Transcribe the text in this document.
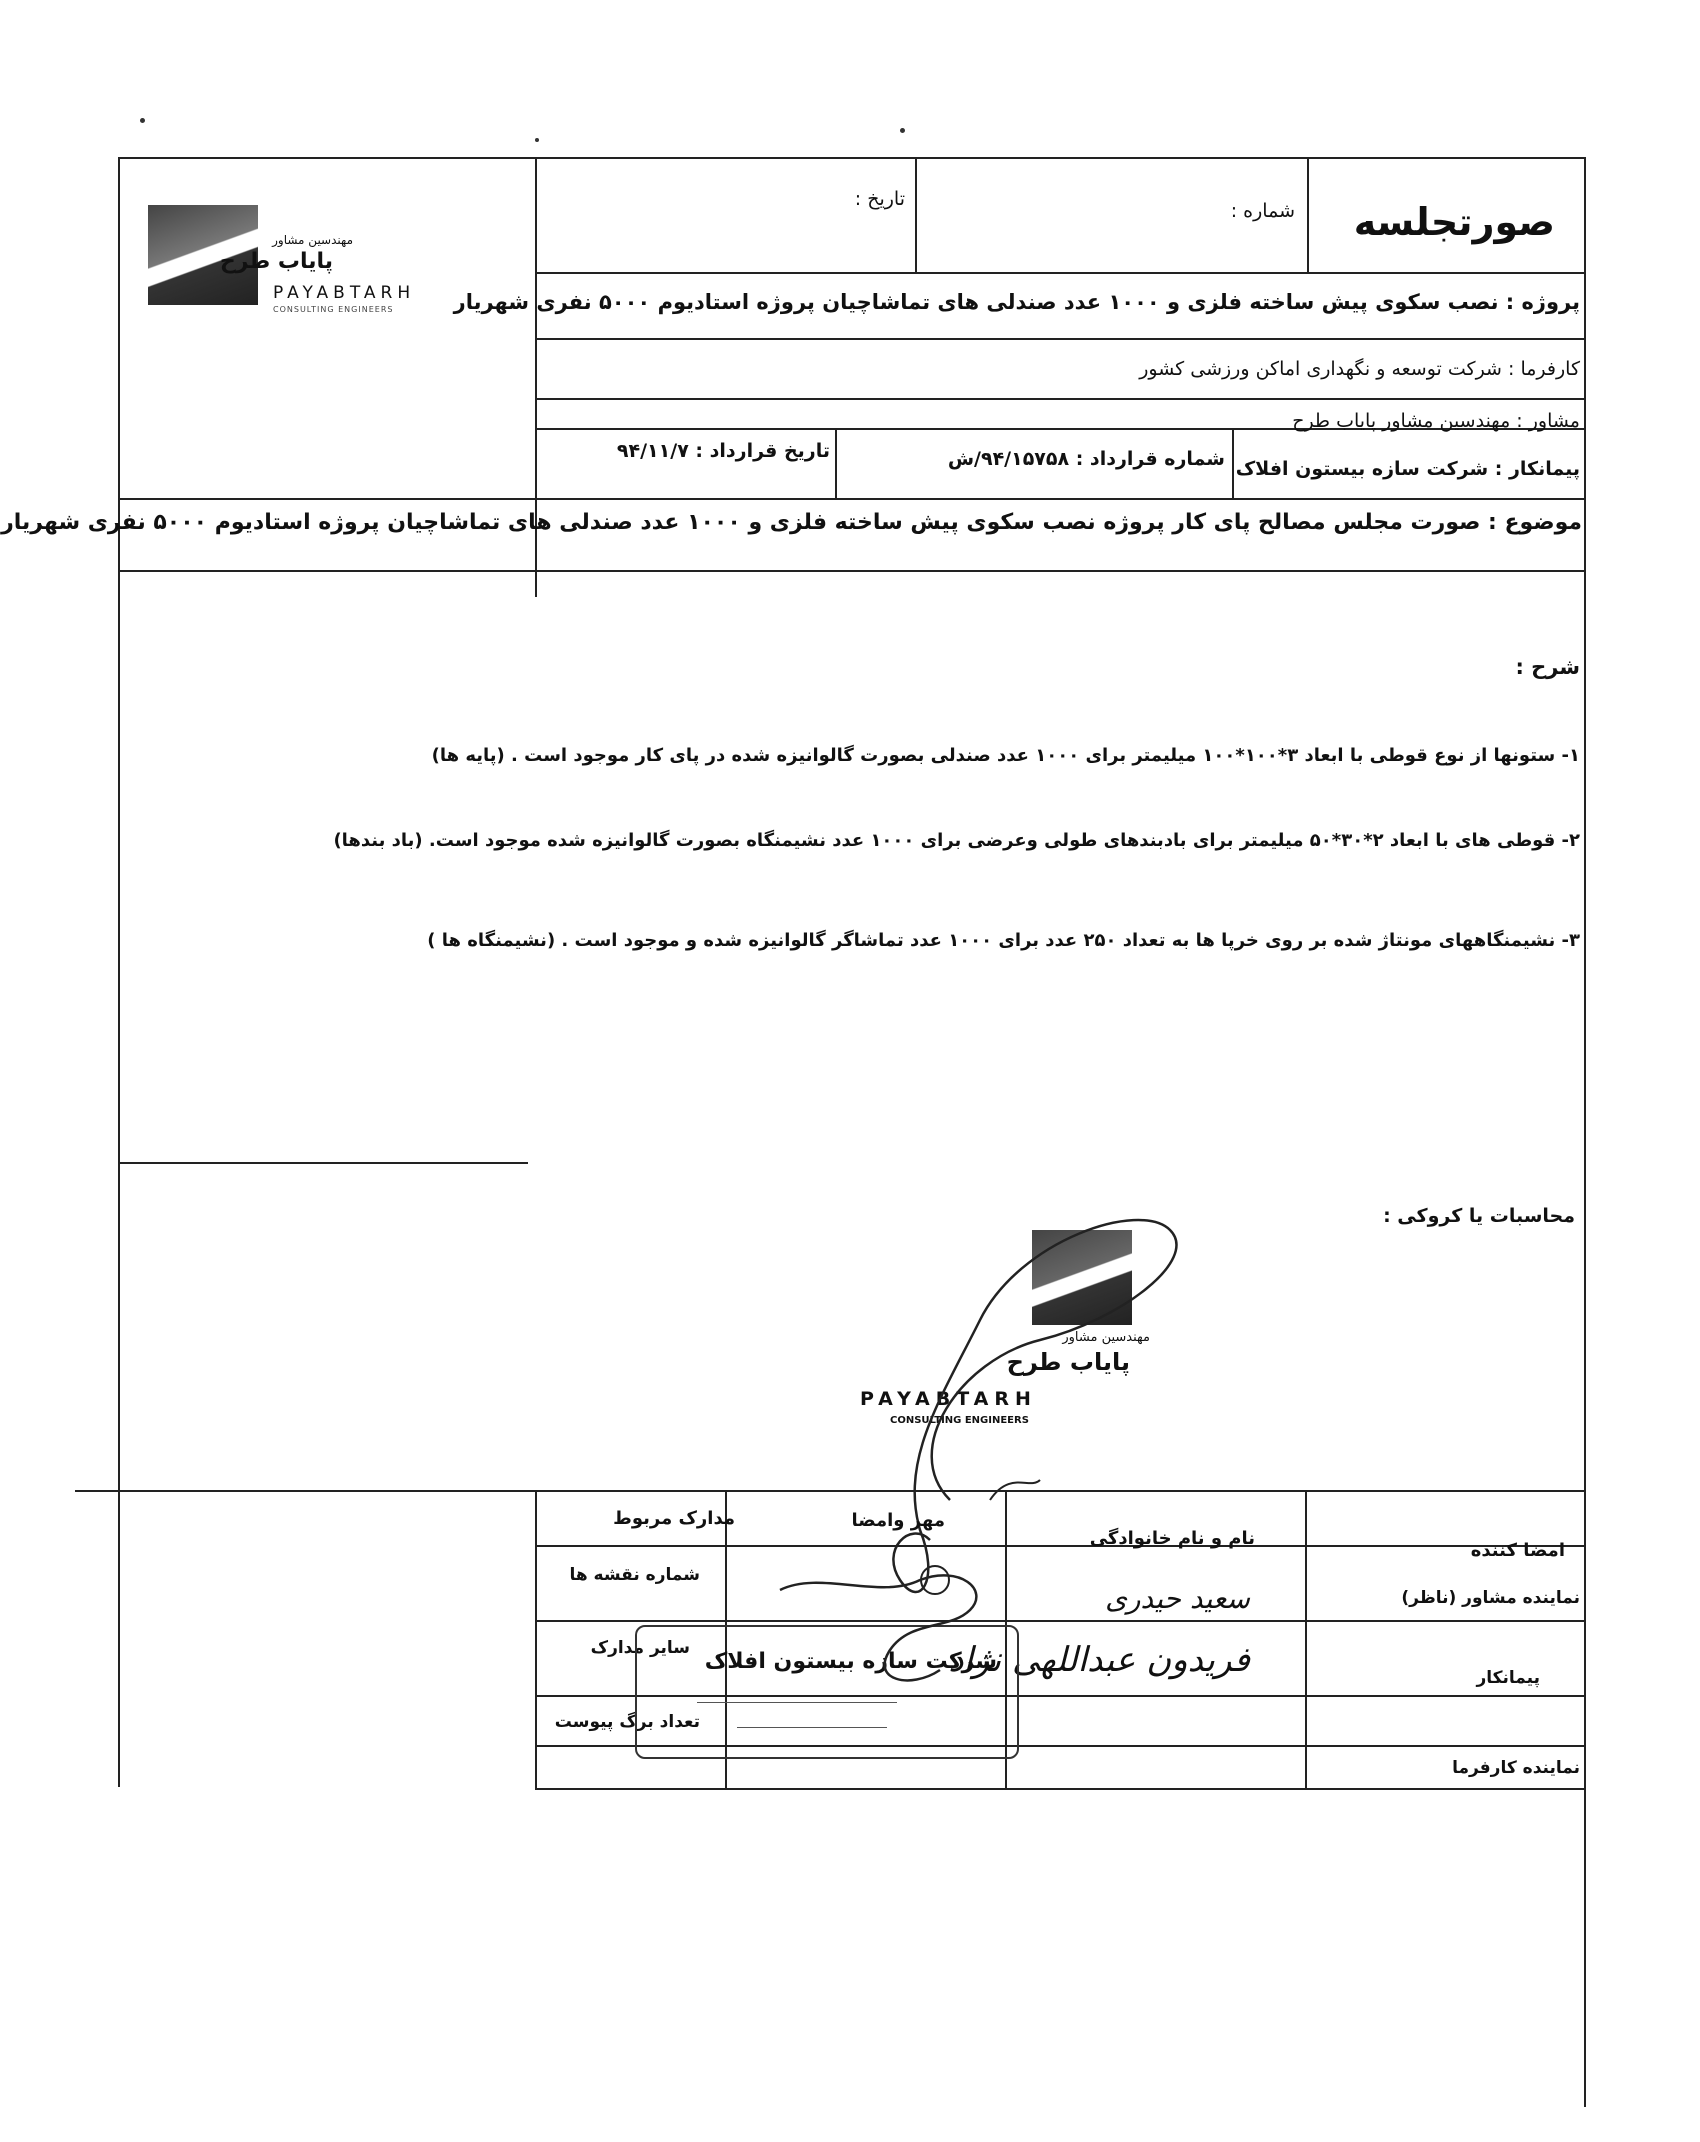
مهندسین مشاور
پایاب طرح
PAYABTARH
CONSULTING ENGINEERS
صورتجلسه
شماره :
تاریخ :
پروژه : نصب سکوی پیش ساخته فلزی و ۱۰۰۰ عدد صندلی های تماشاچیان پروژه استادیوم ۵۰۰۰ نفری شهریار
کارفرما : شرکت توسعه و نگهداری اماکن ورزشی کشور
مشاور : مهندسین مشاور پایاب طرح
پیمانکار : شرکت سازه بیستون افلاک
شماره قرارداد : ۹۴/۱۵۷۵۸/ش
تاریخ قرارداد : ۹۴/۱۱/۷
موضوع : صورت مجلس مصالح پای کار پروژه نصب سکوی پیش ساخته فلزی و ۱۰۰۰ عدد صندلی های تماشاچیان پروژه استادیوم ۵۰۰۰ نفری شهریار
شرح :
۱- ستونها از نوع قوطی با ابعاد ۳*۱۰۰*۱۰۰ میلیمتر برای ۱۰۰۰ عدد صندلی بصورت گالوانیزه شده در پای کار موجود است . (پایه ها)
۲- قوطی های با ابعاد ۲*۳۰*۵۰ میلیمتر برای بادبندهای طولی وعرضی برای ۱۰۰۰ عدد نشیمنگاه بصورت گالوانیزه شده موجود است. (باد بندها)
۳- نشیمنگاههای مونتاژ شده بر روی خرپا ها به تعداد ۲۵۰ عدد برای ۱۰۰۰ عدد تماشاگر گالوانیزه شده و موجود است . (نشیمنگاه ها )
محاسبات یا کروکی :
مهندسین مشاور
پایاب طرح
PAYABTARH
CONSULTING ENGINEERS
امضا کننده
نام و نام خانوادگی
مهر وامضا
مدارک مربوط
نماینده مشاور (ناظر)
سعید حیدری
شماره نقشه ها
پیمانکار
فریدون عبداللهی نژاد
سایر مدارک
نماینده کارفرما
تعداد برگ پیوست
شرکت سازه بیستون افلاک
